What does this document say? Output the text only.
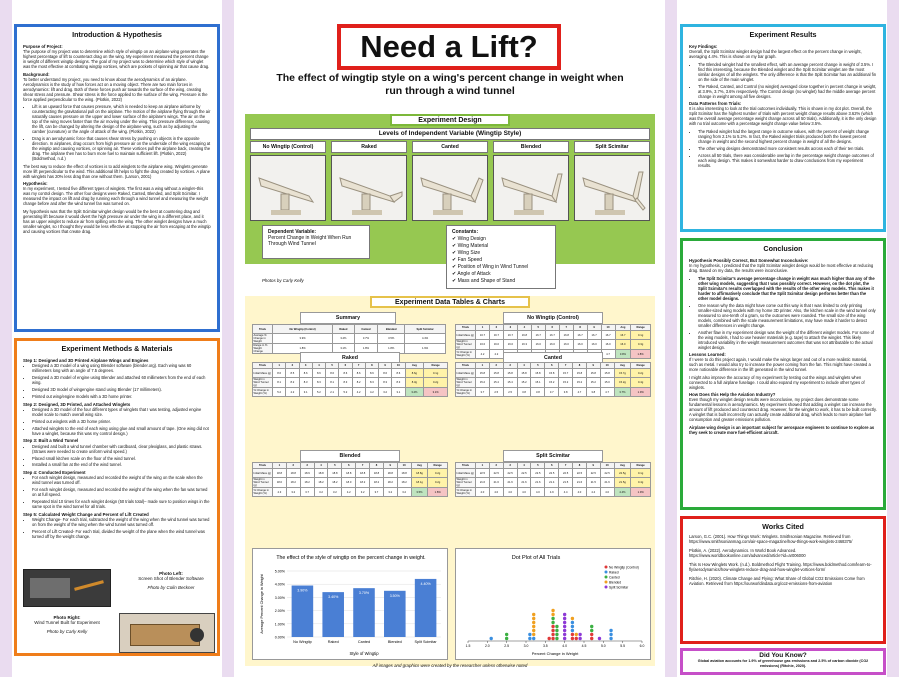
Introduction & Hypothesis
Purpose of Project:

The purpose of my project was to determine which style of wingtip on an airplane wing generates the highest percentage of lift to counteract drag on the wing. My experiment measured the percent change in weight of different wingtip designs. The goal of my project was to determine which style of winglet was the most effective at combating wingtip vortices, which are pockets of spinning air that cause drag.

Background:

To better understand my project, you need to know about the aerodynamics of an airplane. Aerodynamics is the study of how forces act on a moving object. There are two main forces in aerodynamics: lift and drag. Both of these forces push air towards the surface of the wing, creating shear stress and pressure. Shear stress is the force applied to the surface of the wing. Pressure is the force applied perpendicular to the wing. (Plotkin, 2022)

• Lift is an upward force that causes pressure, which is needed to keep an airplane airborne by counteracting the gravitational pull on the airplane. The motion of the airplane flying through the air naturally causes pressure on the upper and lower surface of the airplane's wings. The air on the top of the wing moves faster than the air moving under the wing. This pressure difference, causing the lift, can be changed by altering the design of the airplane wing, such as by adjusting the camber (curvature) or the angle of attack of the wing. (Plotkin, 2022)
• Drag is an aerodynamic force that causes shear stress by pushing on objects in the opposite direction. In airplanes, drag occurs from high pressure air on the underside of the wing escaping at the wingtip and causing vortices, or spinning air. These vortices pull the airplane back, creating the drag. The airplane then has to burn more fuel to maintain sufficient lift. (Plotkin, 2022) (Boldmethod, n.d.)

The best way to reduce the effect of vortices is to add winglets to the airplane wing. Winglets generate more lift perpendicular to the wind. This additional lift helps to fight the drag created by vortices. A plane with winglets has 20% less drag than one without them. (Larson, 2001)

Hypothesis:

In my experiment, I tested five different types of winglets. The first was a wing without a winglet–this was my control design. The other four designs were Raked, Canted, Blended, and Split Scimitar. I measured the impact on lift and drag by running each through a wind tunnel and measuring the weight change before and after the wind tunnel fan was turned on.

My hypothesis was that the Split Scimitar winglet design would be the best at countering drag and generating lift because it would divert the high pressure air under the wing in a different place, and it has an upper winglet to reduce air from spilling onto the wing. The other winglet designs have a much smaller winglet, so I thought they would be less effective at stopping the air from escaping at the wingtip and causing vortices that create drag.

Experiment Methods & Materials
Step 1: Designed and 3D Printed Airplane Wings and Engines
• Designed a 3D model of a wing using Blender software (blender.org). Each wing was 60 millimeters long with an angle of 7.5 degrees.
• Designed a 3D model of engine using Blender and attached 60 millimeters from the end of each wing.
• Designed 3D model of wingengine stand using Blender (17 millimeters).
• Printed out wing/engine models with a 3D home printer.
Step 2: Designed, 3D Printed, and Attached Winglets
• Designed a 3D model of the four different types of winglets that I was testing, adjusted engine model scale to match overall wing size.
• Printed out winglets with a 3D home printer.
• Attached winglets to the end of each wing using glue and small amount of tape. (One wing did not have a winglet, because this was my control design.)
Step 3: Built a Wind Tunnel
• Designed and built a wind tunnel chamber with cardboard, clear plexiglass, and plastic straws. (Straws were needed to create uniform wind speed.)
• Placed small kitchen scale on the floor of the wind tunnel.
• Installed a small fan at the end of the wind tunnel.
Step 4: Conducted Experiment
• For each winglet design, measured and recorded the weight of the wing on the scale when the wind tunnel was turned off.
• For each winglet design, measured and recorded the weight of the wing when the fan was turned on at full speed.
• Repeated trial 10 times for each winglet design (50 trials total)– made sure to position wings in the same spot in the wind tunnel for all trials.
Step 5: Calculated Weight Change and Percent of Lift Created
• Weight Change- For each trial, subtracted the weight of the wing when the wind tunnel was turned on from the weight of the wing when the wind tunnel was turned off.
• Percent of Lift Created- For each trial, divided the weight of the plane when the wind tunnel was turned off by the weight change.
Photo Left:
Screen Shot of Blender Software
Photo by Colin Beckner
Photo Right:
Wind Tunnel Built for Experiment
Photo by Carly Kelly
Need a Lift?
The effect of wingtip style on a wing's percent change in weight when run through a wind tunnel
Experiment Design
Levels of Independent Variable (Wingtip Style)
No Wingtip (Control)	Raked	Canted	Blended	Split Scimitar
Dependent Variable:
Percent Change in Weight When Run Through Wind Tunnel
Photos by Carly Kelly
Constants:
✔ Wing Design
✔ Wing Material
✔ Wing Size
✔ Fan Speed
✔ Position of Wing in Wind Tunnel
✔ Angle of Attack
✔ Mass and Shape of Stand
Experiment Data Tables & Charts
Summary
Trials	No Wingtip (Control)	Raked	Canted	Blended	Split Scimitar
Average % Change in Weight	3.9%	3.4%	3.7%	3.5%	4.4%
Range in % Weight Change	1.8%	3.1%	1.8%	1.8%	1.9%
No Wingtip (Control)
Trials	1	2	3	4	5	6	7	8	9	10	Avg	Range
Initial Mass (g)	16.7	16.7	16.7	16.8	16.7	16.7	16.8	16.7	16.7	16.7	16.7	0.1g
Weight in Wind Tunnel (g)	16.0	16.0	16.0	16.3	16.0	16.0	16.0	16.0	16.0	16.0	16.0	0.3g
% Change in Weight (%)	4.2	4.2								4.7	3.9%	1.8%
Raked
Trials	1	2	3	4	5	6	7	8	9	10	Avg	Range
Initial Mass (g)	8.6	8.5	8.6	8.6	8.6	8.6	8.6	8.6	8.6	8.6	8.6g	0.1g
Weight in Wind Tunnel (g)	8.1	8.2	8.3	8.3	8.1	8.3	8.2	8.3	8.3	8.3	8.3g	0.2g
% Change in Weight (%)	5.2	4.2	3.1	5.2	2.1	5.2	4.2	4.2	3.2	3.1	3.4%	3.1%
Canted
Trials	1	2	3	4	5	6	7	8	9	10	Avg	Range
Initial Mass (g)	15.8	15.8	15.8	15.8	15.8	15.8	15.7	15.8	15.8	15.8	15.7g	0.2g
Weight in Wind Tunnel (g)	15.2	15.4	15.4	15.2	15.1	15.2	15.2	15.2	15.2	15.0	15.2g	0.4g
% Change in Weight (%)	3.7	2.5	2.5	3.8	3.8	3.7	3.8	4.7	3.8	4.7	3.7%	1.9%
Blended
Trials	1	2	3	4	5	6	7	8	9	10	Avg	Range
Initial Mass (g)	18.8	18.8	18.9	18.8	18.8	18.8	18.8	18.8	18.8	18.8	18.8g	0.2g
Weight in Wind Tunnel (g)	18.0	18.2	18.2	18.2	18.2	18.0	18.2	18.2	18.2	18.2	18.1g	0.2g
% Change in Weight (%)	4.3	3.2	3.7	3.2	3.2	4.2	3.2	3.7	3.2	3.2	3.5%	1.8%
Split Scimitar
Trials	1	2	3	4	5	6	7	8	9	10	Avg	Range
Initial Mass (g)	22.5	22.5	22.5	22.5	22.5	22.5	22.5	22.5	22.5	22.5	22.5g	0.1g
Weight in Wind Tunnel (g)	21.6	21.6	21.6	21.6	21.6	21.4	21.5	21.6	21.5	21.6	21.5g	0.4g
% Change in Weight (%)	4.0	4.0	4.0	4.0	4.0	4.9	4.4	4.0	4.4	4.0	4.4%	1.9%
The effect of the style of wingtip on the percent change in weight.
0.00%
1.00%
2.00%
3.00%
4.00%
5.00%
3.90%
No Wingtip
3.40%
Raked
3.70%
Canted
3.50%
Blended
4.40%
Split Scimitar
Style of Wingtip
Average Percent Change in Weight
Dot Plot of All Trials
1.5	2.0	2.5	3.0	3.5	4.0	4.5	5.0	5.5	6.0
Percent Change in Weight
No Wingtip (Control)
Raked
Canted
Blended
Split Scimitar
All images and graphics were created by the researcher unless otherwise noted
Experiment Results
Key Findings:

Overall, the Split Scimitar winglet design had the largest effect on the percent change in weight, averaging 4.4%. This is shown on my bar graph.

• The Blended winglet had the smallest effect, with an average percent change in weight of 3.5%. I find this interesting, because the Blended winglet and the Split Scimitar winglet are the most similar designs of all the winglets. The only difference is that the Split Scimitar has an additional fin on the side of the main winglet.
• The Raked, Canted, and Control (no winglet) averaged close together in percent change in weight, at 3.9%, 3.7%, 3.6% respectively. The Control design (no winglet) had the middle average percent change in weight among all five designs.
Data Patterns from Trials:

It is also interesting to look at the trial outcomes individually. This is shown in my dot plot. Overall, the Split Scimitar has the highest number of trials with percent weight change results above 3.62% (which was the overall average percentage weight change across all 50 trials). Additionally, it is the only design with no trial outcome with a percentage weight change value below 3.5%.

• The Raked winglet had the largest range in outcome values, with the percent of weight change ranging from 2.1% to 5.2%. In fact, the Raked winglet trials produced both the lowest percent change in weight and the second highest percent change in weight of all the designs.
• The other wing designs demonstrated more consistent results across each of their ten trials.
• Across all 50 trials, there was considerable overlap in the percentage weight change outcomes of each wing design. This makes it somewhat harder to draw conclusions from my experiment results.
Conclusion
Hypothesis Possibly Correct, But Somewhat Inconclusive:

In my hypothesis, I predicted that the Split Scimitar winglet design would be most effective at reducing drag. Based on my data, the results were inconclusive.

• The Split Scimitar's average percentage change in weight was much higher than any of the other wing models, suggesting that I was possibly correct. However, on the dot plot, the Split Scimitar's results overlapped with the results of the other wing models. This makes it harder to affirmatively conclude that the Split Scimitar design performs better than the other model designs.
• One reason why the data might have come out this way is that I was limited to only printing smaller-sized wing models with my home 3D printer. Also, the kitchen scale in the wind tunnel only measured to one-tenth of a gram, so the outcomes were rounded. The small size of the wing models, combined with the scale measurement limitations, may have made it harder to detect smaller differences in weight change.
• Another flaw in my experiment design was the weight of the different winglet models. For some of the wing models, I had to use heavier materials (e.g. tape) to attach the winglet. This likely introduced variability in the weight measurement outcomes that was not attributable to the actual winglet design.
Lessons Learned:

If I were to do this project again, I would make the wings larger and out of a more realistic material, such as metal. I would also try to increase the power coming from the fan. This might have created a more noticeable difference in the lift generated in the wind tunnel.

I might also improve the accuracy of my experiment by testing out the wings and winglets when connected to a full airplane fuselage. I could also expand my experiment to include other types of winglets.

How Does this Help the Aviation Industry?

Even though my winglet design results were inconclusive, my project does demonstrate some fundamental lessons in aerodynamics. My experiment showed that adding a winglet can increase the amount of lift produced and counteract drag. However, for the winglet to work, it has to be built correctly. A winglet that is built incorrectly can actually create additional drag, which leads to more airplane fuel consumption and greater emissions pollution.

Airplane wing design is an important subject for aerospace engineers to continue to explore as they seek to create more fuel-efficient aircraft.

Works Cited

Larson, G.C. (2001). How Things Work: Winglets. Smithsonian Magazine. Retrieved from https://www.smithsonianmag.com/air-space-magazine/how-things-work-winglets-2468375/

Plotkin, A. (2022). Aerodynamics. In World Book Advanced. https://www.worldbookonline.com/advanced/article?id=ar006000

This Is How Winglets Work. (n.d.). Boldmethod Flight Training. https://www.boldmethod.com/learn-to-fly/aerodynamics/how-winglets-reduce-drag-and-how-winglet-vortices-form/

Ritchie, H. (2020). Climate Change and Flying: What Share of Global CO2 Emissions Come from Aviation. Retrieved from https://ourworldindata.org/co2-emissions-from-aviation

Did You Know?
Global aviation accounts for 1.9% of greenhouse gas emissions and 2.5% of carbon dioxide (CO2 emissions) (Ritchie, 2020).
